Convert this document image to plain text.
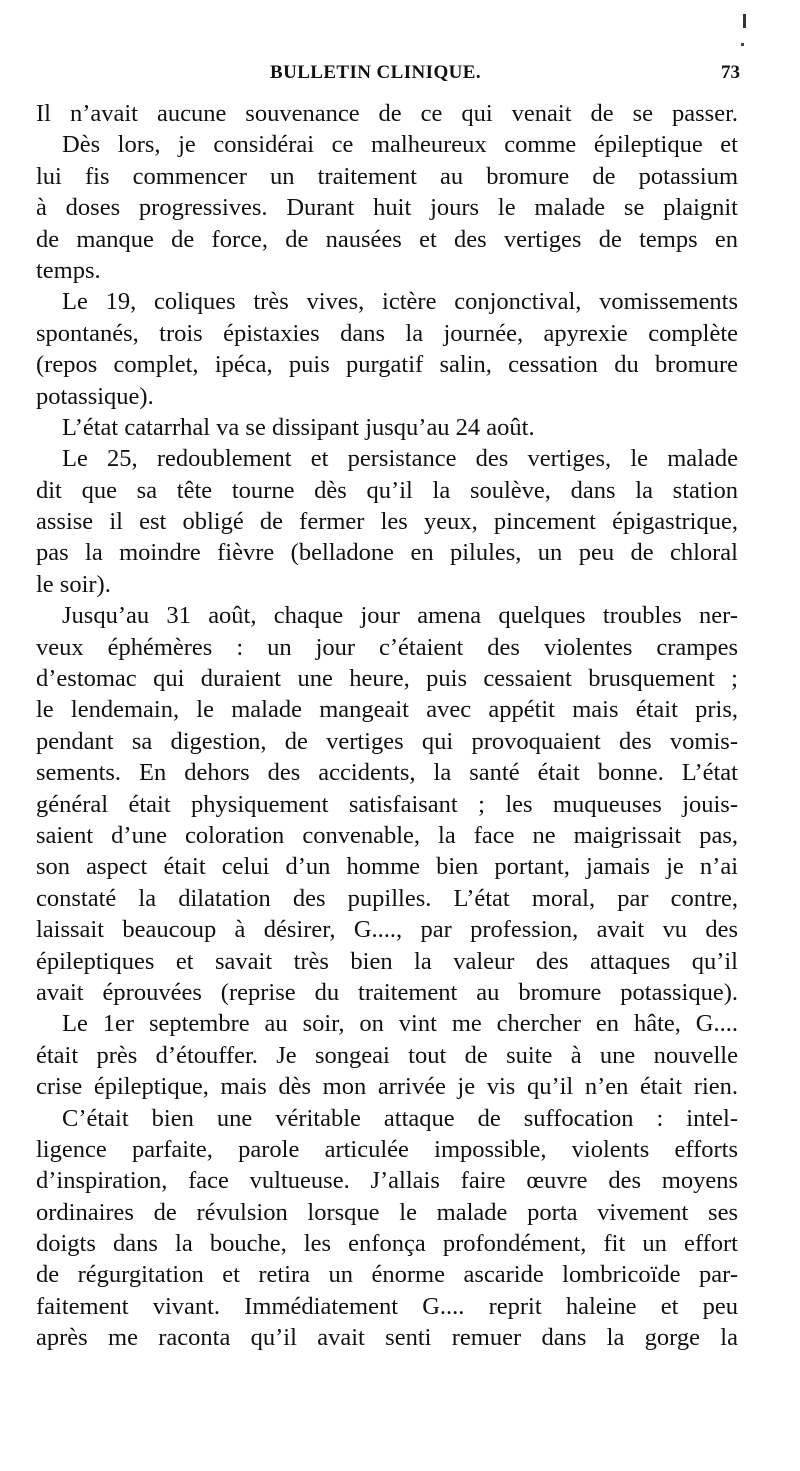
BULLETIN CLINIQUE.	73
Il n’avait aucune souvenance de ce qui venait de se passer.
Dès lors, je considérai ce malheureux comme épileptique et
lui fis commencer un traitement au bromure de potassium
à doses progressives. Durant huit jours le malade se plaignit
de manque de force, de nausées et des vertiges de temps en
temps.
Le 19, coliques très vives, ictère conjonctival, vomissements
spontanés, trois épistaxies dans la journée, apyrexie complète
(repos complet, ipéca, puis purgatif salin, cessation du bromure
potassique).
L’état catarrhal va se dissipant jusqu’au 24 août.
Le 25, redoublement et persistance des vertiges, le malade
dit que sa tête tourne dès qu’il la soulève, dans la station
assise il est obligé de fermer les yeux, pincement épigastrique,
pas la moindre fièvre (belladone en pilules, un peu de chloral
le soir).
Jusqu’au 31 août, chaque jour amena quelques troubles ner-
veux éphémères : un jour c’étaient des violentes crampes
d’estomac qui duraient une heure, puis cessaient brusquement ;
le lendemain, le malade mangeait avec appétit mais était pris,
pendant sa digestion, de vertiges qui provoquaient des vomis-
sements. En dehors des accidents, la santé était bonne. L’état
général était physiquement satisfaisant ; les muqueuses jouis-
saient d’une coloration convenable, la face ne maigrissait pas,
son aspect était celui d’un homme bien portant, jamais je n’ai
constaté la dilatation des pupilles. L’état moral, par contre,
laissait beaucoup à désirer, G...., par profession, avait vu des
épileptiques et savait très bien la valeur des attaques qu’il
avait éprouvées (reprise du traitement au bromure potassique).
Le 1er septembre au soir, on vint me chercher en hâte, G....
était près d’étouffer. Je songeai tout de suite à une nouvelle
crise épileptique, mais dès mon arrivée je vis qu’il n’en était rien.
C’était bien une véritable attaque de suffocation : intel-
ligence parfaite, parole articulée impossible, violents efforts
d’inspiration, face vultueuse. J’allais faire œuvre des moyens
ordinaires de révulsion lorsque le malade porta vivement ses
doigts dans la bouche, les enfonça profondément, fit un effort
de régurgitation et retira un énorme ascaride lombricoïde par-
faitement vivant. Immédiatement G.... reprit haleine et peu
après me raconta qu’il avait senti remuer dans la gorge la
